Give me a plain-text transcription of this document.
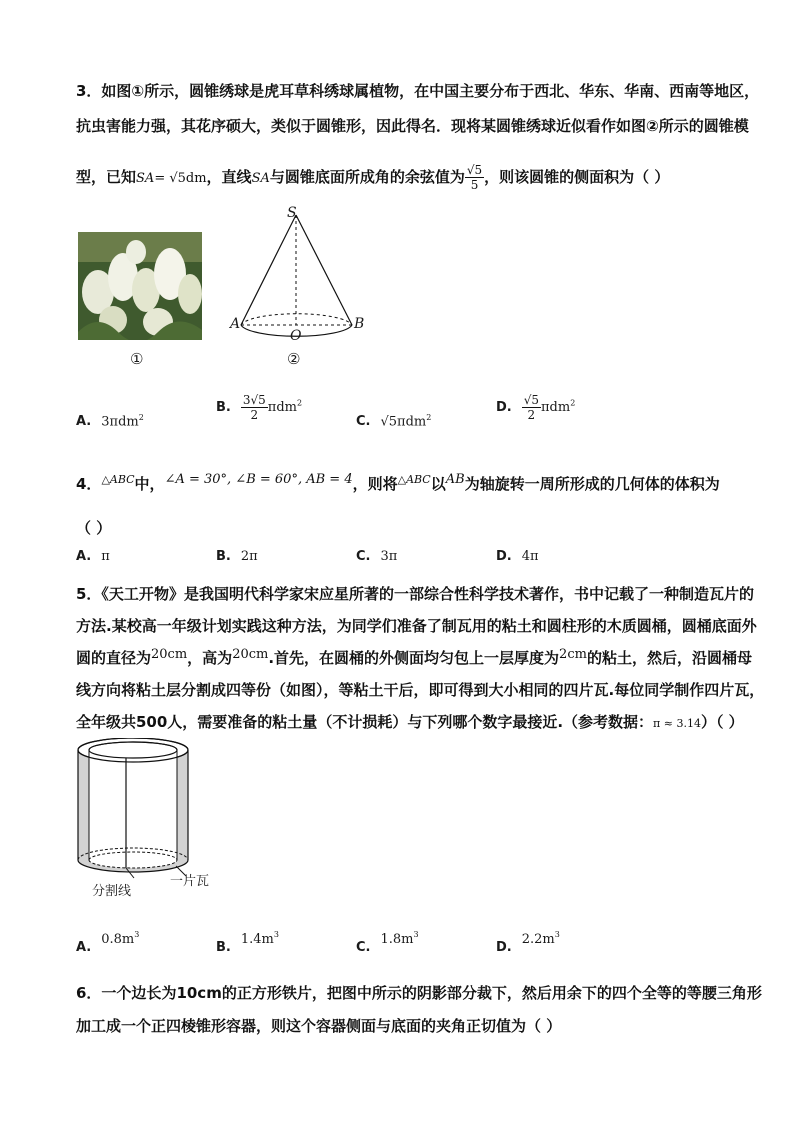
3．如图①所示，圆锥绣球是虎耳草科绣球属植物，在中国主要分布于西北、华东、华南、西南等地区，
抗虫害能力强，其花序硕大，类似于圆锥形，因此得名．现将某圆锥绣球近似看作如图②所示的圆锥模
型，已知SA= √5dm，直线SA与圆锥底面所成角的余弦值为 $\frac{√5}{5}$ ，则该圆锥的侧面积为（ ）
①
S
A
O
B
②
A. 3πdm$^2$
B. $\frac{3√5}{2} \pi dm^2$
C. √5πdm$^2$
D. $\frac{√5}{2} \pi dm^2$
4．$^{\triangle ABC}$中，∠A = 30°, ∠B = 60°, AB = 4，则将$^{\triangle ABC}$以AB为轴旋转一周所形成的几何体的体积为
（ ）
A. π	B. 2π	C. 3π	D. 4π
5．《天工开物》是我国明代科学家宋应星所著的一部综合性科学技术著作，书中记载了一种制造瓦片的
方法.某校高一年级计划实践这种方法，为同学们准备了制瓦用的粘土和圆柱形的木质圆桶，圆桶底面外
圆的直径为20cm，高为20cm.首先，在圆桶的外侧面均匀包上一层厚度为2cm的粘土，然后，沿圆桶母
线方向将粘土层分割成四等份（如图），等粘土干后，即可得到大小相同的四片瓦.每位同学制作四片瓦，
全年级共500人，需要准备的粘土量（不计损耗）与下列哪个数字最接近.（参考数据：π ≈ 3.14）（ ）
分割线
一片瓦
$A.0.8m^3$
$B.1.4m^3$
$C.1.8m^3$
$D.2.2m^3$
6．一个边长为10cm的正方形铁片，把图中所示的阴影部分裁下，然后用余下的四个全等的等腰三角形
加工成一个正四棱锥形容器，则这个容器侧面与底面的夹角正切值为（ ）
